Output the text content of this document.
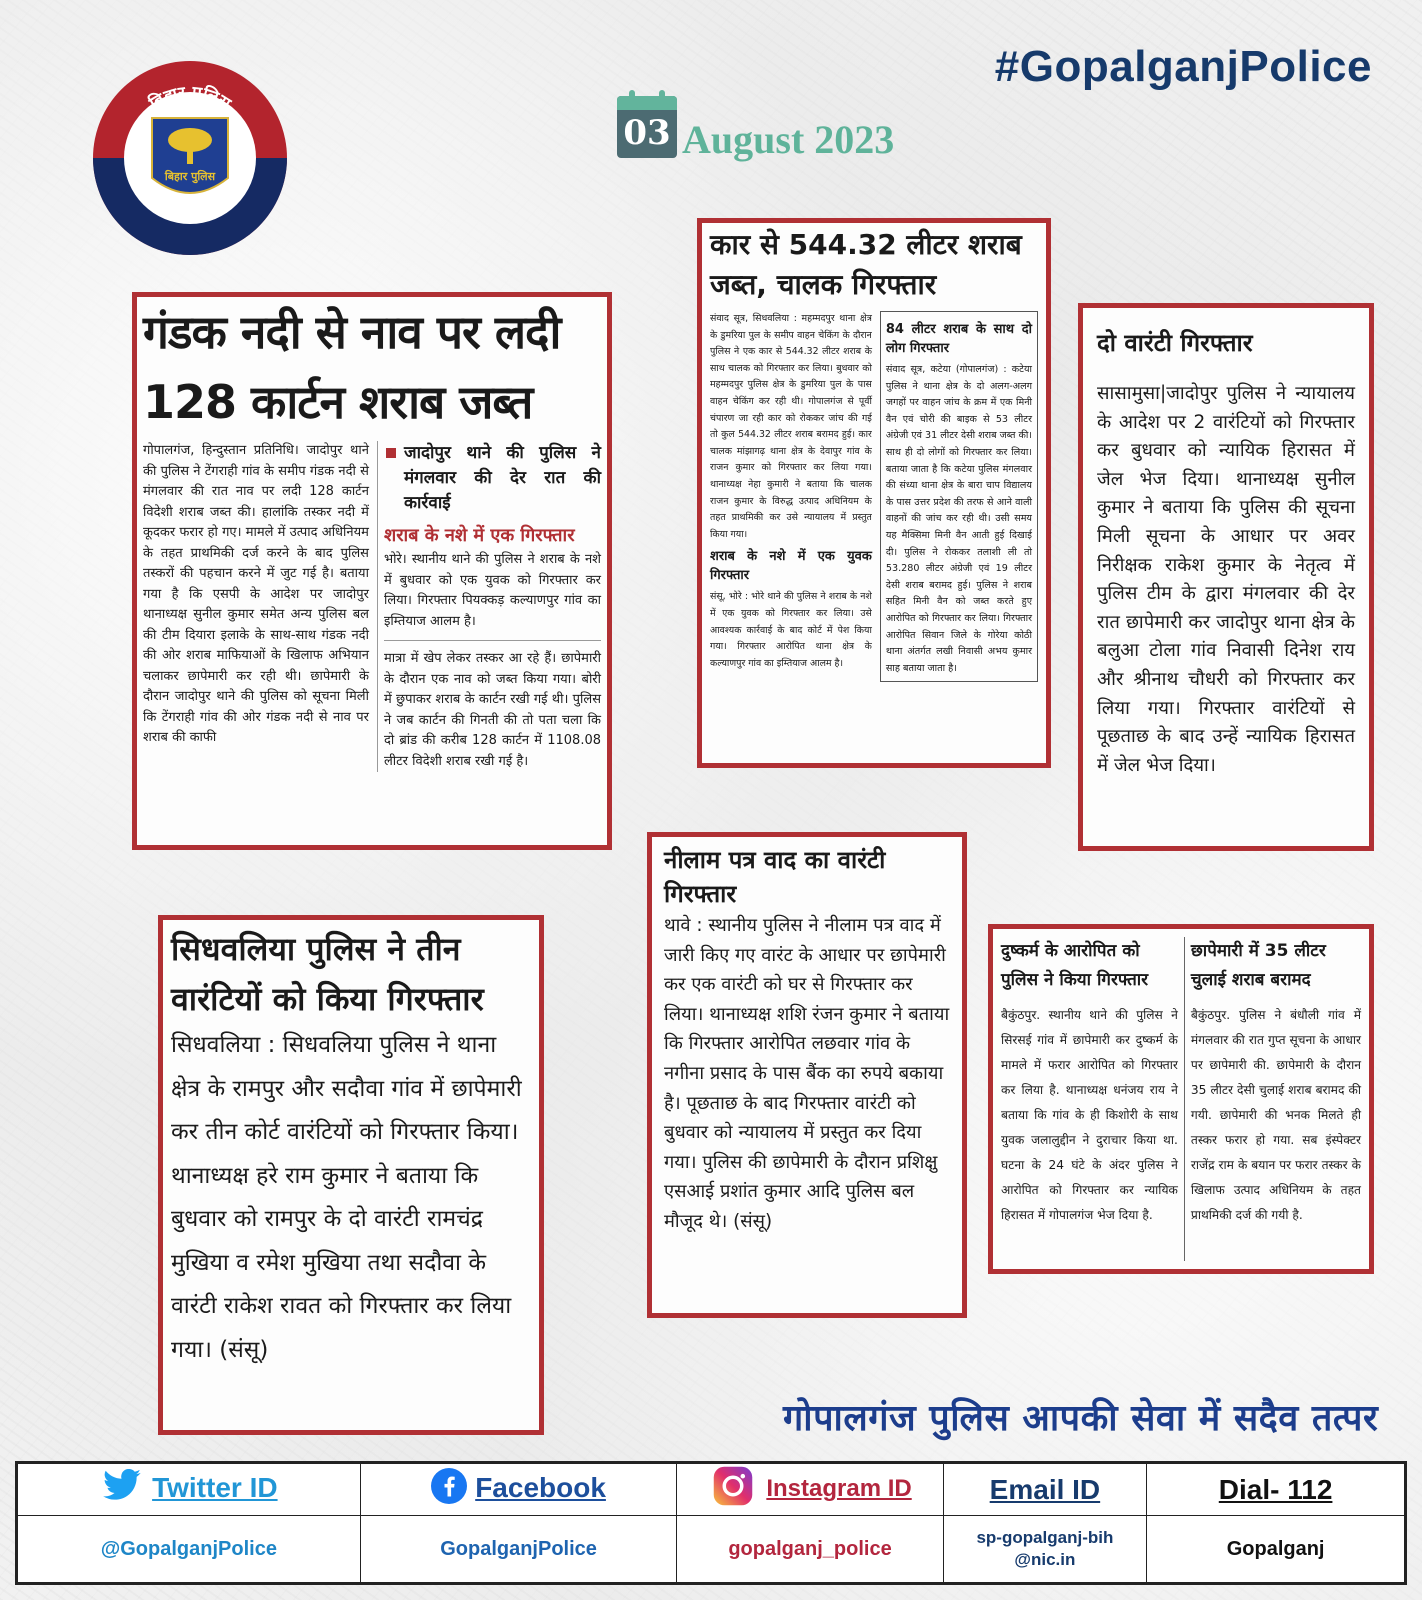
बिहार पुलिस
बिहार पुलिस
बिहार पुलिस
#GopalganjPolice
03 August 2023
गंडक नदी से नाव पर लदी
128 कार्टन शराब जब्त
गोपालगंज, हिन्दुस्तान प्रतिनिधि। जादोपुर थाने की पुलिस ने टेंगराही गांव के समीप गंडक नदी से मंगलवार की रात नाव पर लदी 128 कार्टन विदेशी शराब जब्त की। हालांकि तस्कर नदी में कूदकर फरार हो गए। मामले में उत्पाद अधिनियम के तहत प्राथमिकी दर्ज करने के बाद पुलिस तस्करों की पहचान करने में जुट गई है। बताया गया है कि एसपी के आदेश पर जादोपुर थानाध्यक्ष सुनील कुमार समेत अन्य पुलिस बल की टीम दियारा इलाके के साथ-साथ गंडक नदी की ओर शराब माफियाओं के खिलाफ अभियान चलाकर छापेमारी कर रही थी। छापेमारी के दौरान जादोपुर थाने की पुलिस को सूचना मिली कि टेंगराही गांव की ओर गंडक नदी से नाव पर शराब की काफी
जादोपुर थाने की पुलिस ने मंगलवार की देर रात की कार्रवाई
शराब के नशे में एक गिरफ्तार
भोरे। स्थानीय थाने की पुलिस ने शराब के नशे में बुधवार को एक युवक को गिरफ्तार कर लिया। गिरफ्तार पियक्कड़ कल्याणपुर गांव का इम्तियाज आलम है।
मात्रा में खेप लेकर तस्कर आ रहे हैं। छापेमारी के दौरान एक नाव को जब्त किया गया। बोरी में छुपाकर शराब के कार्टन रखी गई थी। पुलिस ने जब कार्टन की गिनती की तो पता चला कि दो ब्रांड की करीब 128 कार्टन में 1108.08 लीटर विदेशी शराब रखी गई है।
कार से 544.32 लीटर शराब जब्त, चालक गिरफ्तार
संवाद सूत्र, सिधवलिया : महम्मदपुर थाना क्षेत्र के डुमरिया पुल के समीप वाहन चेकिंग के दौरान पुलिस ने एक कार से 544.32 लीटर शराब के साथ चालक को गिरफ्तार कर लिया। बुधवार को महम्मदपुर पुलिस क्षेत्र के डुमरिया पुल के पास वाहन चेकिंग कर रही थी। गोपालगंज से पूर्वी चंपारण जा रही कार को रोककर जांच की गई तो कुल 544.32 लीटर शराब बरामद हुई। कार चालक मांझागढ़ थाना क्षेत्र के देवापुर गांव के राजन कुमार को गिरफ्तार कर लिया गया। थानाध्यक्ष नेहा कुमारी ने बताया कि चालक राजन कुमार के विरुद्ध उत्पाद अधिनियम के तहत प्राथमिकी कर उसे न्यायालय में प्रस्तुत किया गया।
शराब के नशे में एक युवक गिरफ्तार
संसू, भोरे : भोरे थाने की पुलिस ने शराब के नशे में एक युवक को गिरफ्तार कर लिया। उसे आवश्यक कार्रवाई के बाद कोर्ट में पेश किया गया। गिरफ्तार आरोपित थाना क्षेत्र के कल्याणपुर गांव का इम्तियाज आलम है।
84 लीटर शराब के साथ दो लोग गिरफ्तार
संवाद सूत्र, कटेया (गोपालगंज) : कटेया पुलिस ने थाना क्षेत्र के दो अलग-अलग जगहों पर वाहन जांच के क्रम में एक मिनी वैन एवं चोरी की बाइक से 53 लीटर अंग्रेजी एवं 31 लीटर देसी शराब जब्त की। साथ ही दो लोगों को गिरफ्तार कर लिया। बताया जाता है कि कटेया पुलिस मंगलवार की संध्या थाना क्षेत्र के बारा चाप विद्यालय के पास उत्तर प्रदेश की तरफ से आने वाली वाहनों की जांच कर रही थी। उसी समय यह मैक्सिमा मिनी वैन आती हुई दिखाई दी। पुलिस ने रोककर तलाशी ली तो 53.280 लीटर अंग्रेजी एवं 19 लीटर देसी शराब बरामद हुई। पुलिस ने शराब सहित मिनी वैन को जब्त करते हुए आरोपित को गिरफ्तार कर लिया। गिरफ्तार आरोपित सिवान जिले के गोरेया कोठी थाना अंतर्गत लखी निवासी अभय कुमार साह बताया जाता है।
दो वारंटी गिरफ्तार
सासामुसा|जादोपुर पुलिस ने न्यायालय के आदेश पर 2 वारंटियों को गिरफ्तार कर बुधवार को न्यायिक हिरासत में जेल भेज दिया। थानाध्यक्ष सुनील कुमार ने बताया कि पुलिस की सूचना मिली सूचना के आधार पर अवर निरीक्षक राकेश कुमार के नेतृत्व में पुलिस टीम के द्वारा मंगलवार की देर रात छापेमारी कर जादोपुर थाना क्षेत्र के बलुआ टोला गांव निवासी दिनेश राय और श्रीनाथ चौधरी को गिरफ्तार कर लिया गया। गिरफ्तार वारंटियों से पूछताछ के बाद उन्हें न्यायिक हिरासत में जेल भेज दिया।
सिधवलिया पुलिस ने तीन वारंटियों को किया गिरफ्तार
सिधवलिया : सिधवलिया पुलिस ने थाना क्षेत्र के रामपुर और सदौवा गांव में छापेमारी कर तीन कोर्ट वारंटियों को गिरफ्तार किया। थानाध्यक्ष हरे राम कुमार ने बताया कि बुधवार को रामपुर के दो वारंटी रामचंद्र मुखिया व रमेश मुखिया तथा सदौवा के वारंटी राकेश रावत को गिरफ्तार कर लिया गया। (संसू)
नीलाम पत्र वाद का वारंटी गिरफ्तार
थावे : स्थानीय पुलिस ने नीलाम पत्र वाद में जारी किए गए वारंट के आधार पर छापेमारी कर एक वारंटी को घर से गिरफ्तार कर लिया। थानाध्यक्ष शशि रंजन कुमार ने बताया कि गिरफ्तार आरोपित लछवार गांव के नगीना प्रसाद के पास बैंक का रुपये बकाया है। पूछताछ के बाद गिरफ्तार वारंटी को बुधवार को न्यायालय में प्रस्तुत कर दिया गया। पुलिस की छापेमारी के दौरान प्रशिक्षु एसआई प्रशांत कुमार आदि पुलिस बल मौजूद थे। (संसू)
दुष्कर्म के आरोपित को पुलिस ने किया गिरफ्तार
बैकुंठपुर. स्थानीय थाने की पुलिस ने सिरसई गांव में छापेमारी कर दुष्कर्म के मामले में फरार आरोपित को गिरफ्तार कर लिया है. थानाध्यक्ष धनंजय राय ने बताया कि गांव के ही किशोरी के साथ युवक जलालुद्दीन ने दुराचार किया था. घटना के 24 घंटे के अंदर पुलिस ने आरोपित को गिरफ्तार कर न्यायिक हिरासत में गोपालगंज भेज दिया है.
छापेमारी में 35 लीटर चुलाई शराब बरामद
बैकुंठपुर. पुलिस ने बंधौली गांव में मंगलवार की रात गुप्त सूचना के आधार पर छापेमारी की. छापेमारी के दौरान 35 लीटर देसी चुलाई शराब बरामद की गयी. छापेमारी की भनक मिलते ही तस्कर फरार हो गया. सब इंस्पेक्टर राजेंद्र राम के बयान पर फरार तस्कर के खिलाफ उत्पाद अधिनियम के तहत प्राथमिकी दर्ज की गयी है.
गोपालगंज पुलिस आपकी सेवा में सदैव तत्पर
Twitter ID	Facebook	Instagram ID	Email ID	Dial- 112
@GopalganjPolice	GopalganjPolice	gopalganj_police	sp-gopalganj-bih@nic.in	Gopalganj
